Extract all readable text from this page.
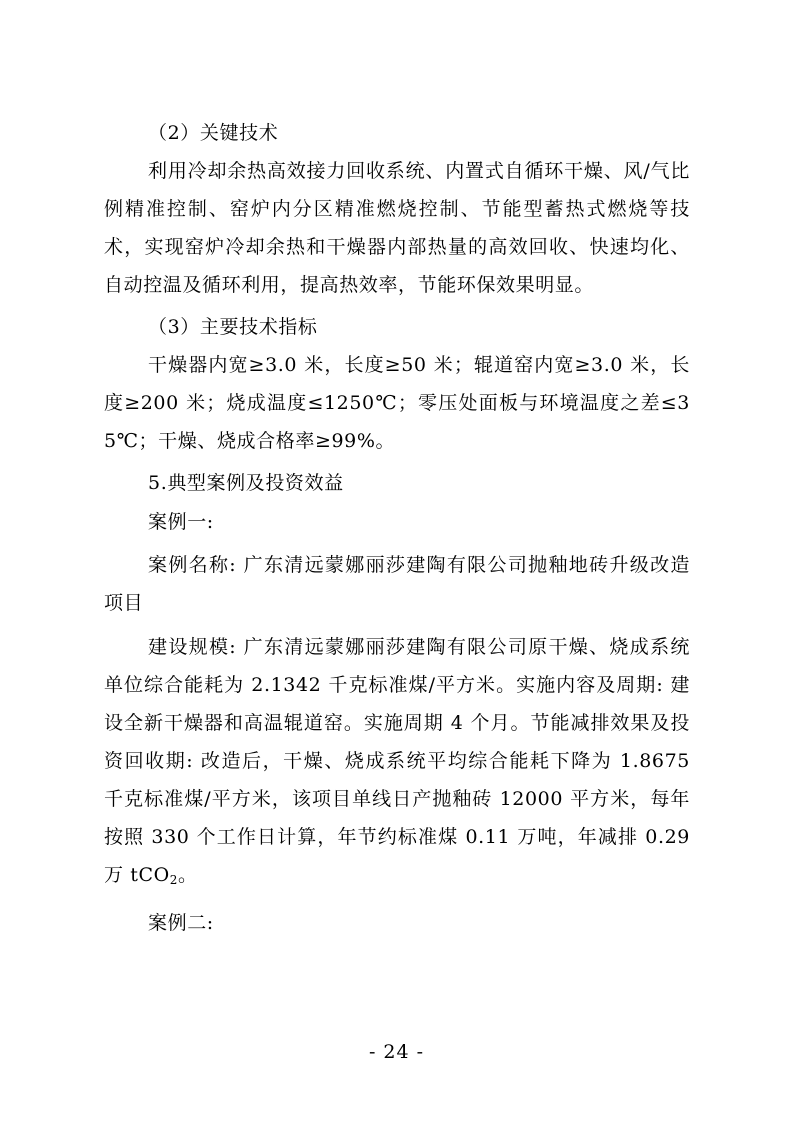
（2）关键技术

利用冷却余热高效接力回收系统、内置式自循环干燥、风/气比例精准控制、窑炉内分区精准燃烧控制、节能型蓄热式燃烧等技术，实现窑炉冷却余热和干燥器内部热量的高效回收、快速均化、自动控温及循环利用，提高热效率，节能环保效果明显。

（3）主要技术指标

干燥器内宽≥3.0 米，长度≥50 米；辊道窑内宽≥3.0 米，长度≥200 米；烧成温度≤1250℃；零压处面板与环境温度之差≤35℃；干燥、烧成合格率≥99%。

5.典型案例及投资效益

案例一:

案例名称: 广东清远蒙娜丽莎建陶有限公司抛釉地砖升级改造项目

建设规模: 广东清远蒙娜丽莎建陶有限公司原干燥、烧成系统单位综合能耗为 2.1342 千克标准煤/平方米。实施内容及周期: 建设全新干燥器和高温辊道窑。实施周期 4 个月。节能减排效果及投资回收期: 改造后，干燥、烧成系统平均综合能耗下降为 1.8675 千克标准煤/平方米，该项目单线日产抛釉砖 12000 平方米，每年按照 330 个工作日计算，年节约标准煤 0.11 万吨，年减排 0.29 万 tCO$_2$。

案例二:

- 24 -
